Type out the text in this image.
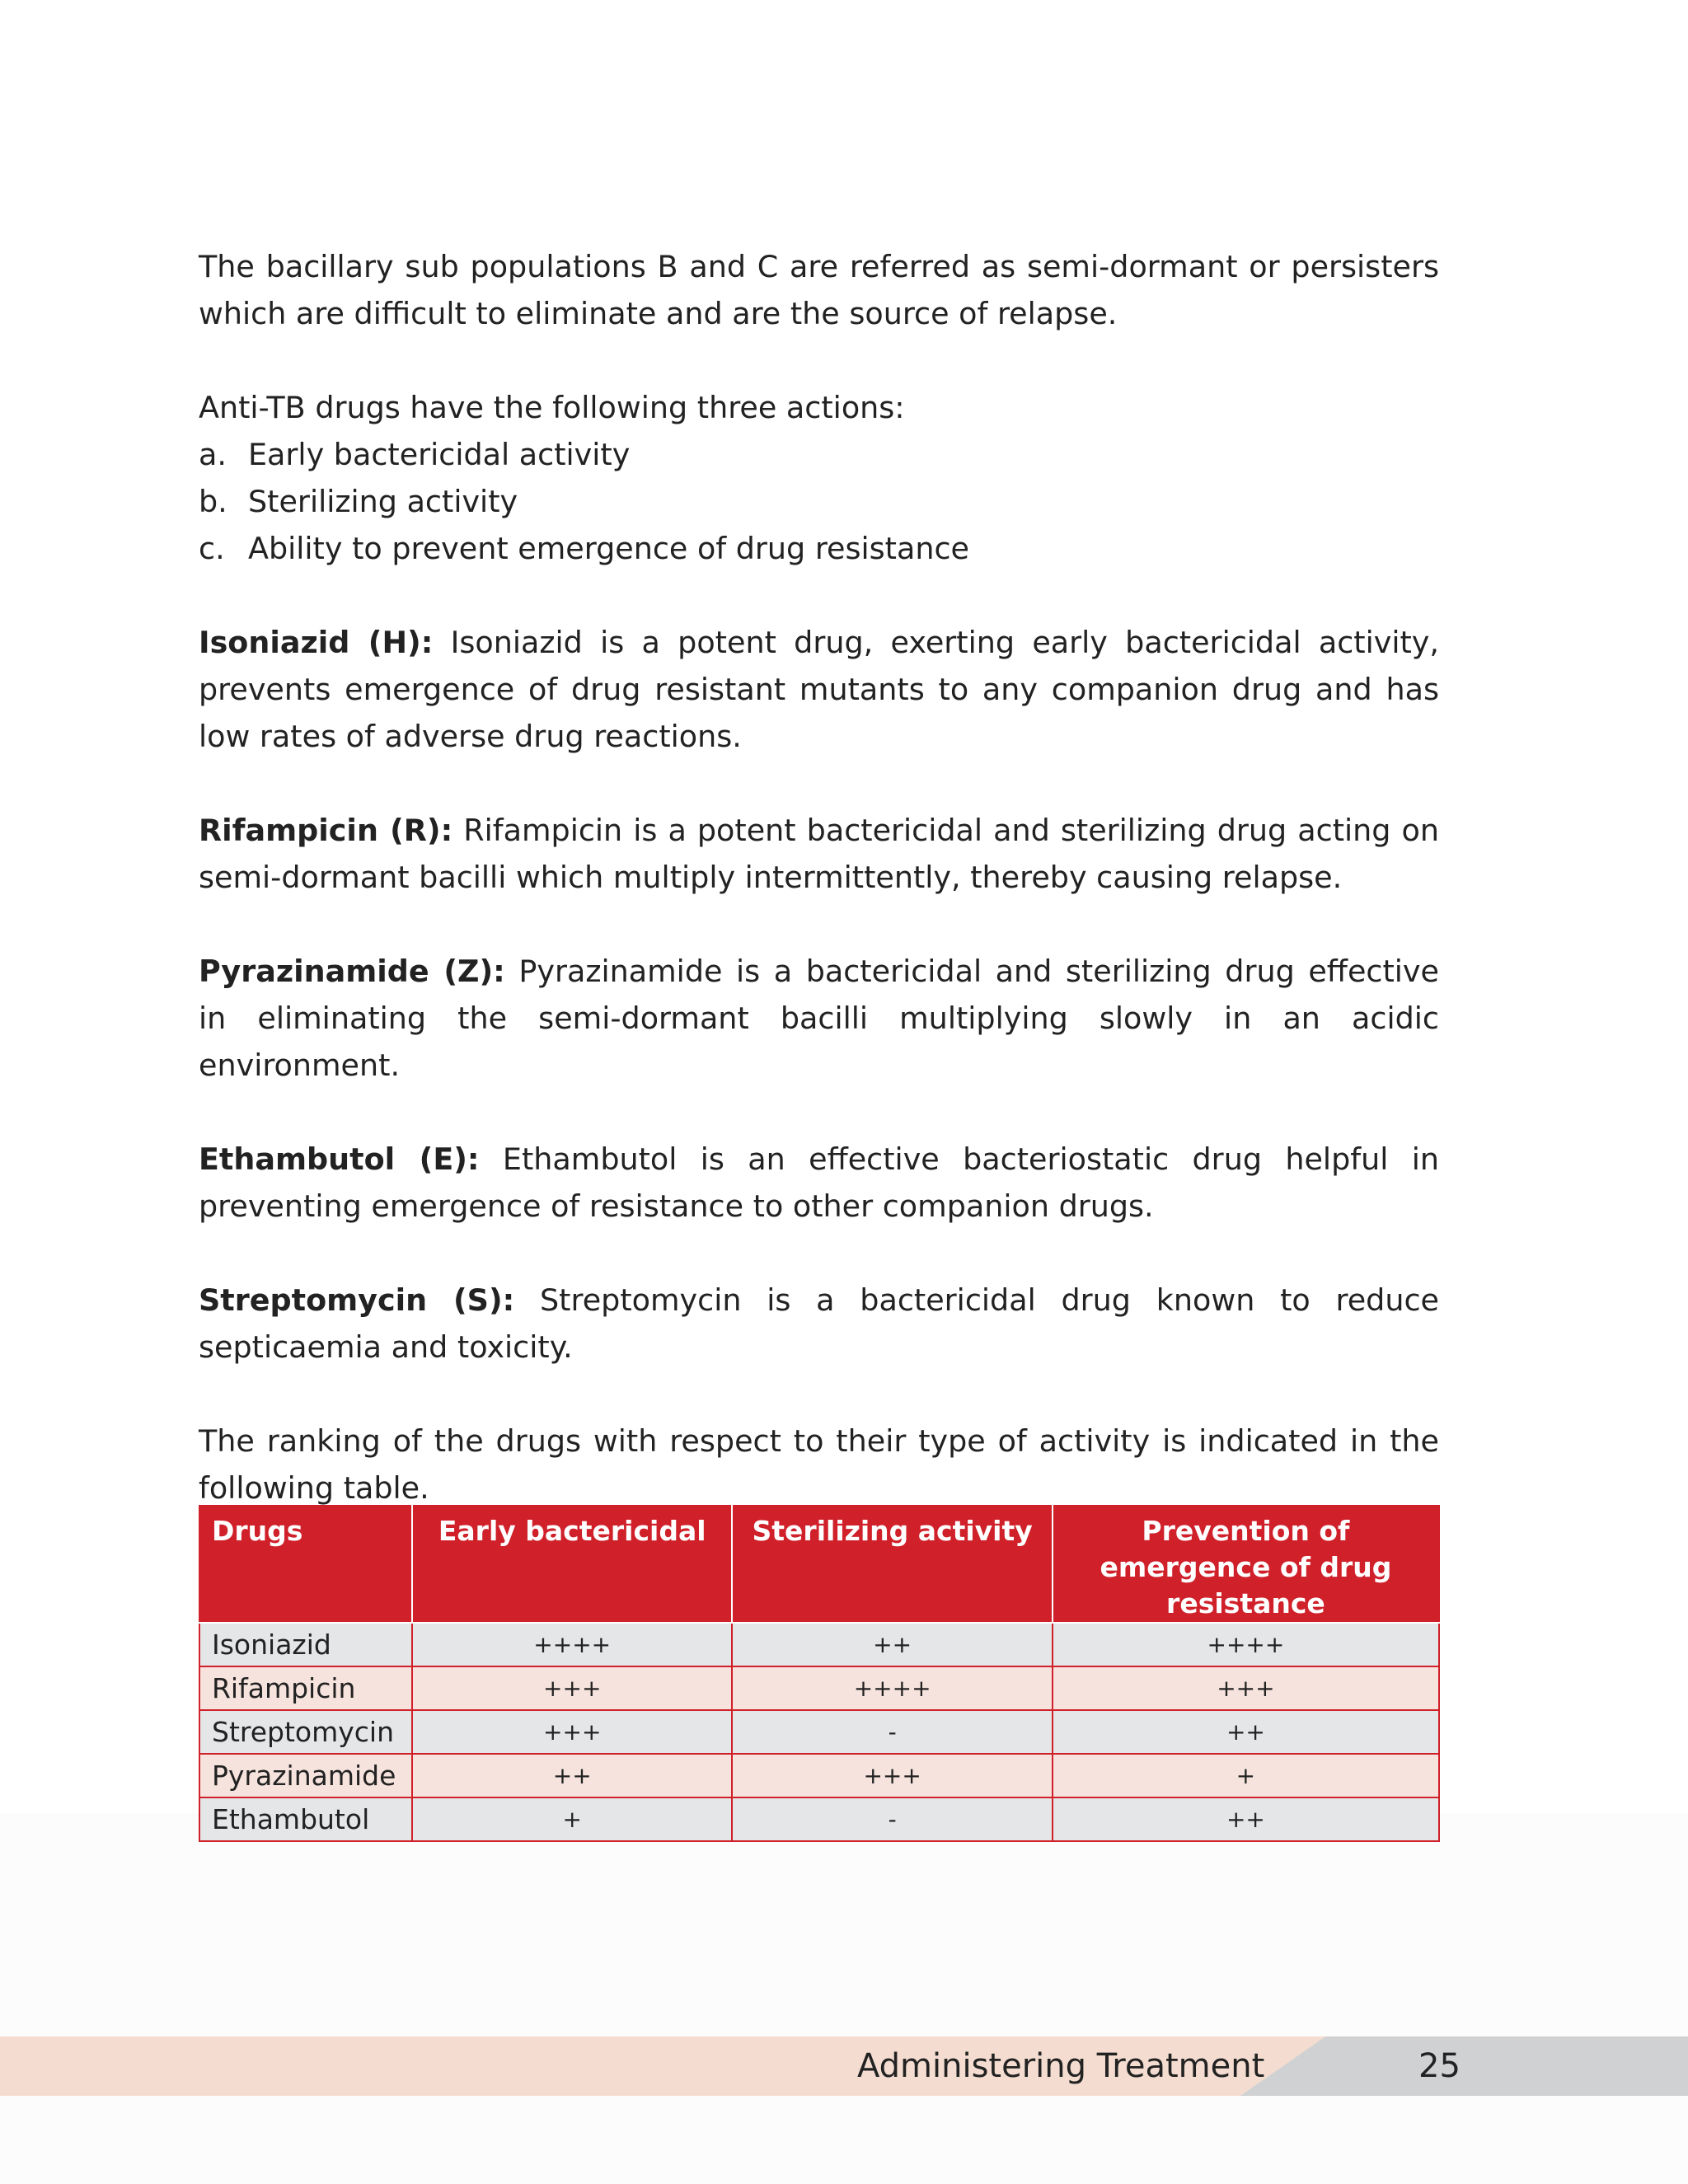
The bacillary sub populations B and C are referred as semi-dormant or persisters which are difficult to eliminate and are the source of relapse.

Anti-TB drugs have the following three actions:

a. Early bactericidal activity
b. Sterilizing activity
c. Ability to prevent emergence of drug resistance

Isoniazid (H): Isoniazid is a potent drug, exerting early bactericidal activity, prevents emergence of drug resistant mutants to any companion drug and has low rates of adverse drug reactions.

Rifampicin (R): Rifampicin is a potent bactericidal and sterilizing drug acting on semi-dormant bacilli which multiply intermittently, thereby causing relapse.

Pyrazinamide (Z): Pyrazinamide is a bactericidal and sterilizing drug effective in eliminating the semi-dormant bacilli multiplying slowly in an acidic environment.

Ethambutol (E): Ethambutol is an effective bacteriostatic drug helpful in preventing emergence of resistance to other companion drugs.

Streptomycin (S): Streptomycin is a bactericidal drug known to reduce septicaemia and toxicity.

The ranking of the drugs with respect to their type of activity is indicated in the following table.

Drugs	Early bactericidal	Sterilizing activity	Prevention of emergence of drug resistance
Isoniazid	++++	++	++++
Rifampicin	+++	++++	+++
Streptomycin	+++	-	++
Pyrazinamide	++	+++	+
Ethambutol	+	-	++
Administering Treatment	25
